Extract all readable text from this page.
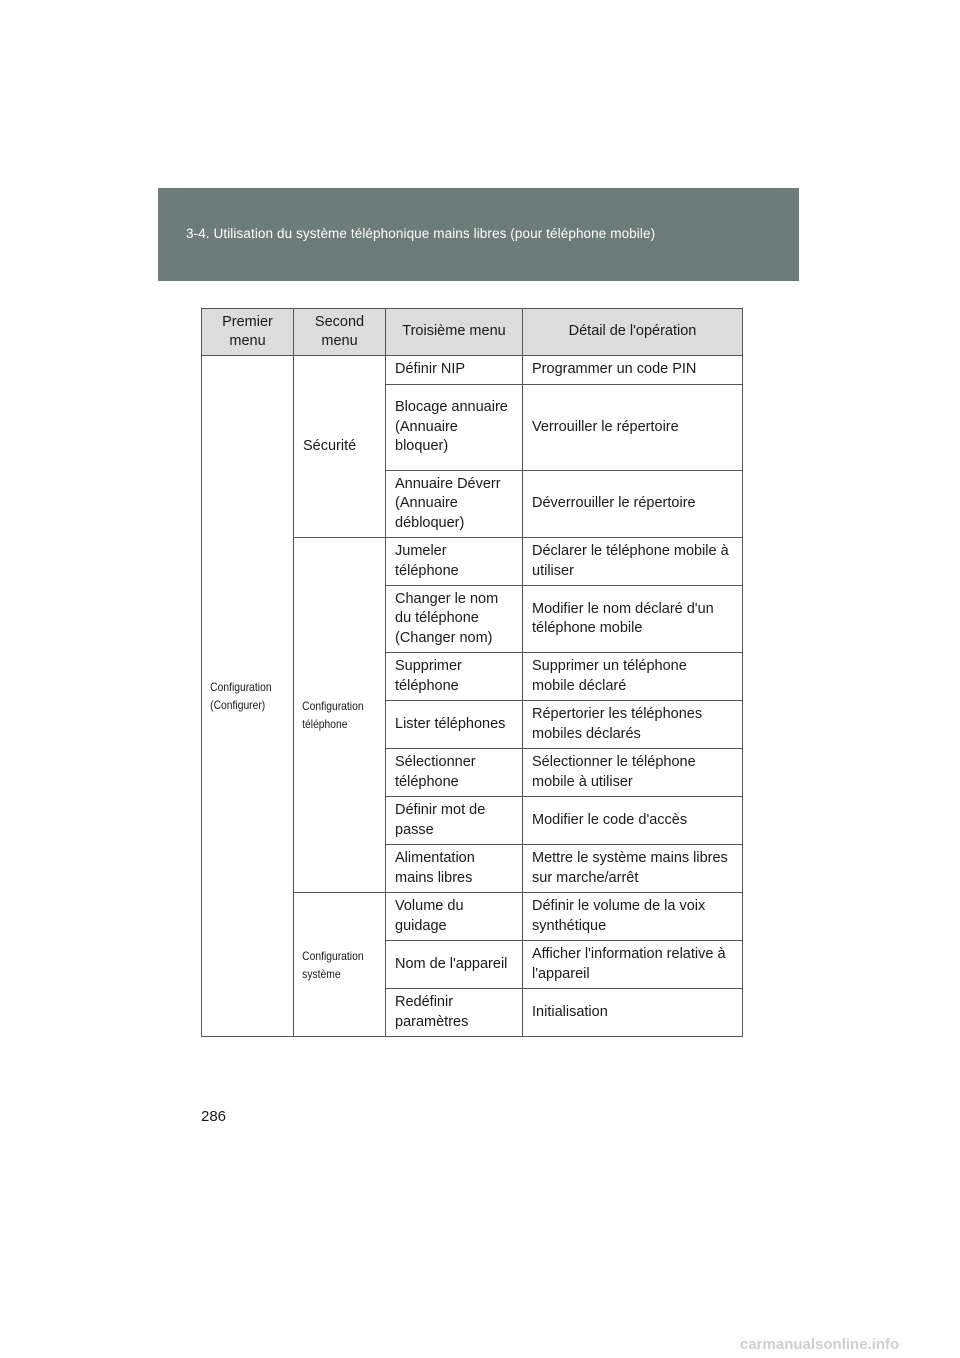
3-4. Utilisation du système téléphonique mains libres (pour téléphone mobile)
Premier menu	Second menu	Troisième menu	Détail de l'opération
Configuration (Configurer)	Sécurité	Définir NIP	Programmer un code PIN
		Blocage annuaire (Annuaire bloquer)	Verrouiller le répertoire
		Annuaire Déverr (Annuaire débloquer)	Déverrouiller le répertoire
	Configuration téléphone	Jumeler téléphone	Déclarer le téléphone mobile à utiliser
		Changer le nom du téléphone (Changer nom)	Modifier le nom déclaré d'un téléphone mobile
		Supprimer téléphone	Supprimer un téléphone mobile déclaré
		Lister téléphones	Répertorier les téléphones mobiles déclarés
		Sélectionner téléphone	Sélectionner le téléphone mobile à utiliser
		Définir mot de passe	Modifier le code d'accès
		Alimentation mains libres	Mettre le système mains libres sur marche/arrêt
	Configuration système	Volume du guidage	Définir le volume de la voix synthétique
		Nom de l'appareil	Afficher l'information relative à l'appareil
		Redéfinir paramètres	Initialisation
286
carmanualsonline.info
